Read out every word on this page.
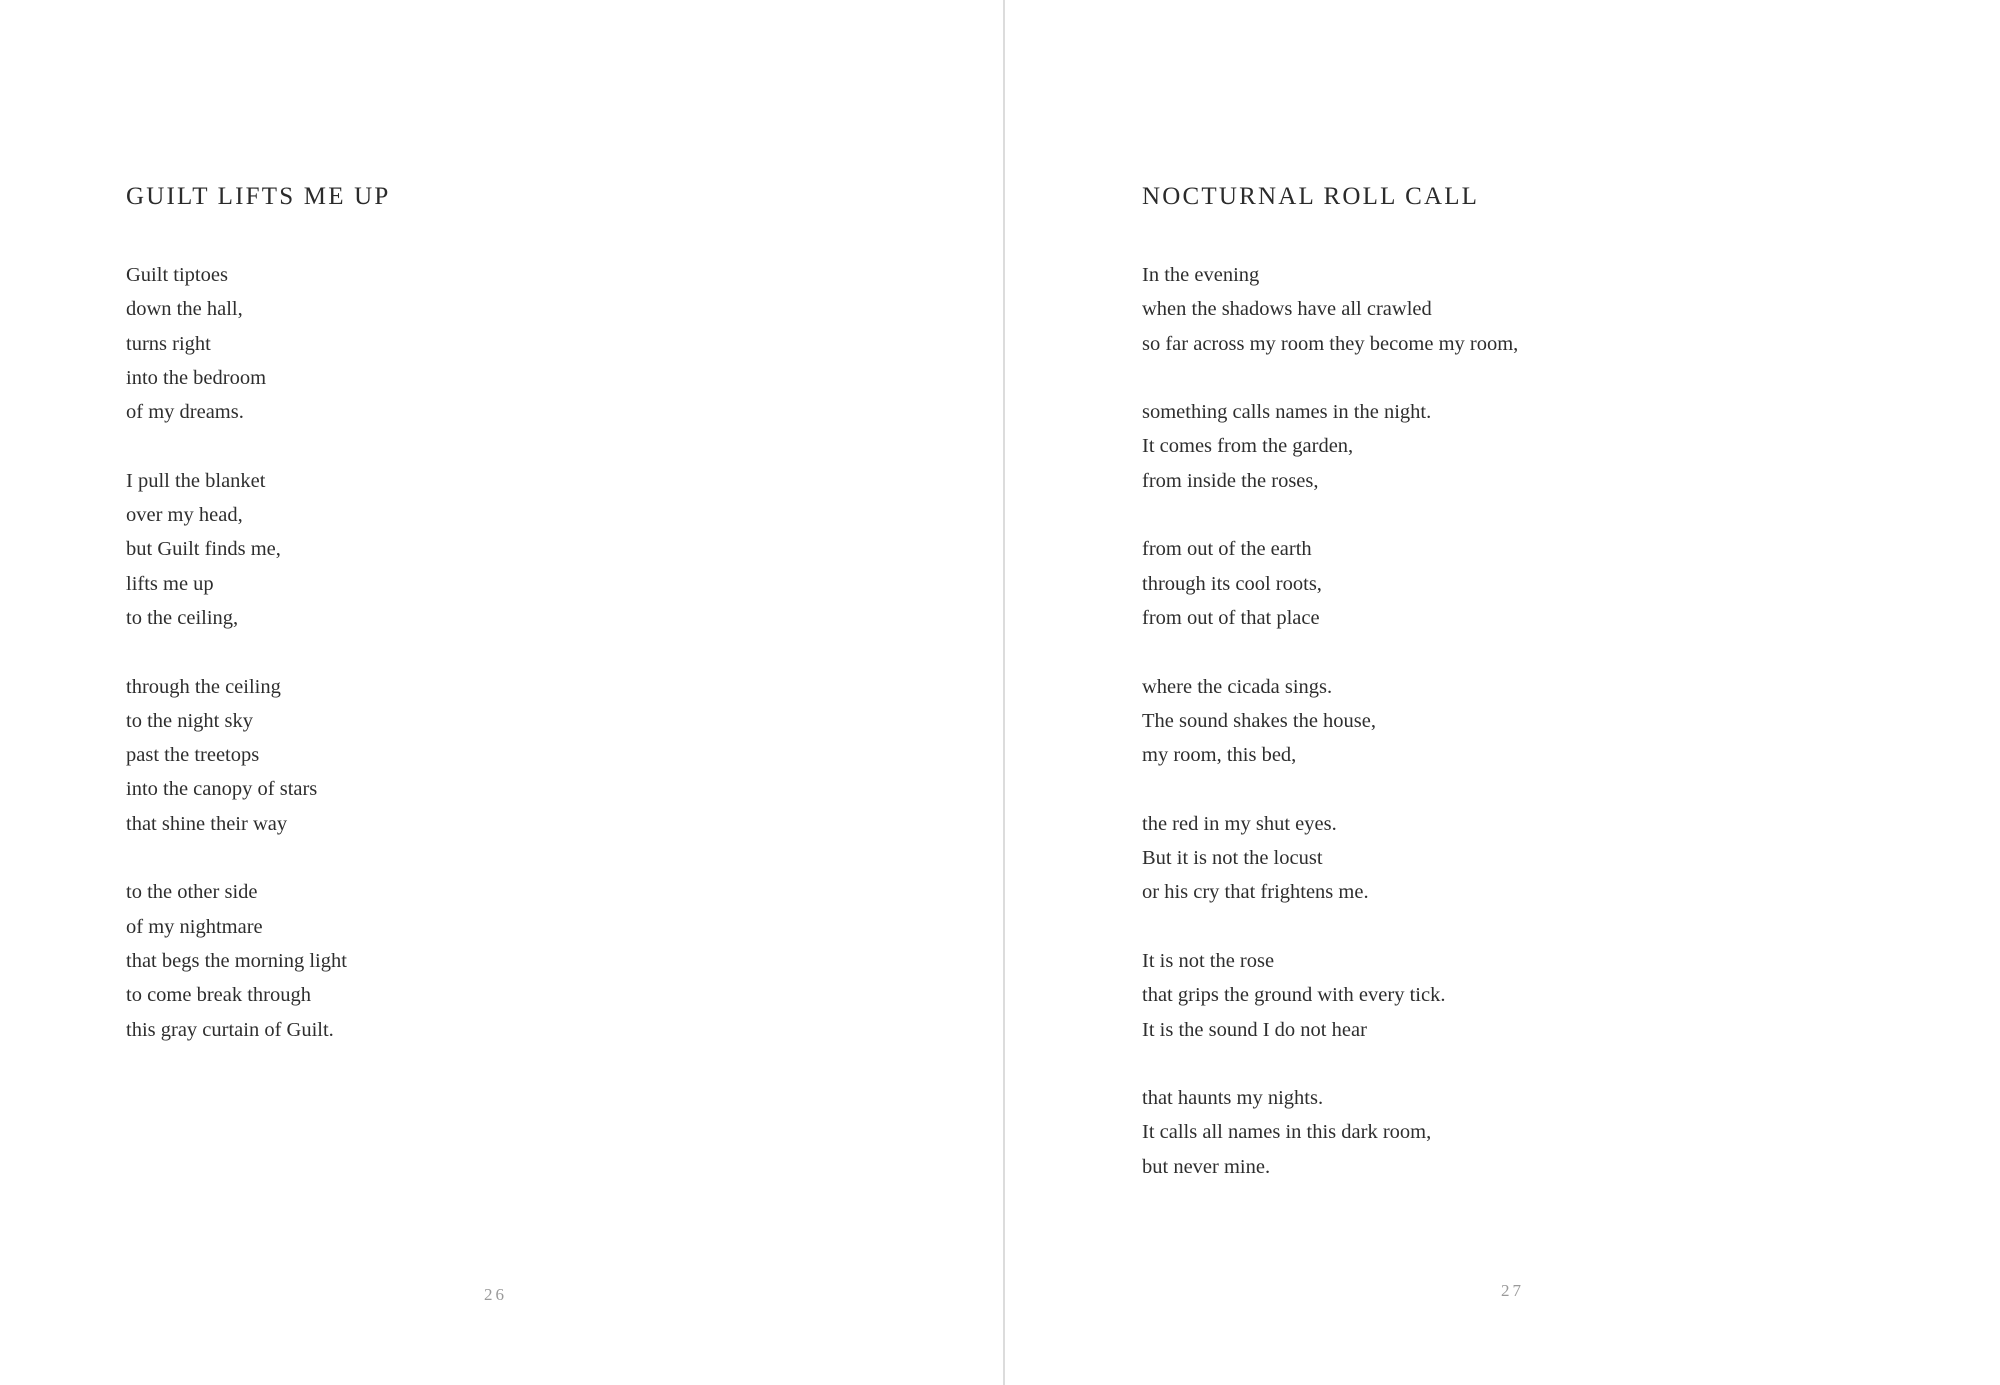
GUILT LIFTS ME UP

Guilt tiptoes
down the hall,
turns right
into the bedroom
of my dreams.

I pull the blanket
over my head,
but Guilt finds me,
lifts me up
to the ceiling,

through the ceiling
to the night sky
past the treetops
into the canopy of stars
that shine their way

to the other side
of my nightmare
that begs the morning light
to come break through
this gray curtain of Guilt.

26
NOCTURNAL ROLL CALL

In the evening
when the shadows have all crawled
so far across my room they become my room,

something calls names in the night.
It comes from the garden,
from inside the roses,

from out of the earth
through its cool roots,
from out of that place

where the cicada sings.
The sound shakes the house,
my room, this bed,

the red in my shut eyes.
But it is not the locust
or his cry that frightens me.

It is not the rose
that grips the ground with every tick.
It is the sound I do not hear

that haunts my nights.
It calls all names in this dark room,
but never mine.

27
